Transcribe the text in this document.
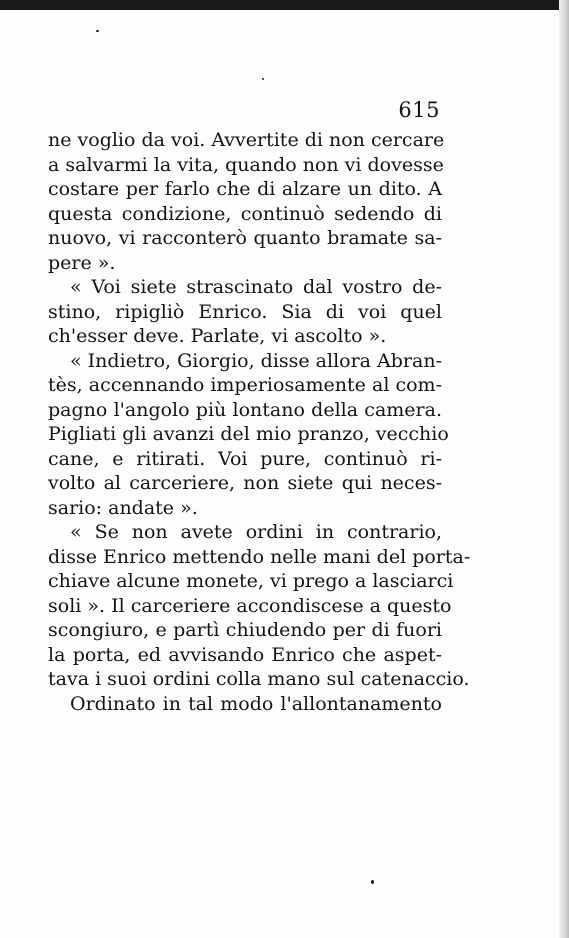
615
ne voglio da voi. Avvertite di non cercare
a salvarmi la vita, quando non vi dovesse
costare per farlo che di alzare un dito. A
questa condizione, continuò sedendo di
nuovo, vi racconterò quanto bramate sa-
pere ».
« Voi siete strascinato dal vostro de-
stino, ripigliò Enrico. Sia di voi quel
ch'esser deve. Parlate, vi ascolto ».
« Indietro, Giorgio, disse allora Abran-
tès, accennando imperiosamente al com-
pagno l'angolo più lontano della camera.
Pigliati gli avanzi del mio pranzo, vecchio
cane, e ritirati. Voi pure, continuò ri-
volto al carceriere, non siete qui neces-
sario: andate ».
« Se non avete ordini in contrario,
disse Enrico mettendo nelle mani del porta-
chiave alcune monete, vi prego a lasciarci
soli ». Il carceriere accondiscese a questo
scongiuro, e partì chiudendo per di fuori
la porta, ed avvisando Enrico che aspet-
tava i suoi ordini colla mano sul catenaccio.
Ordinato in tal modo l'allontanamento
